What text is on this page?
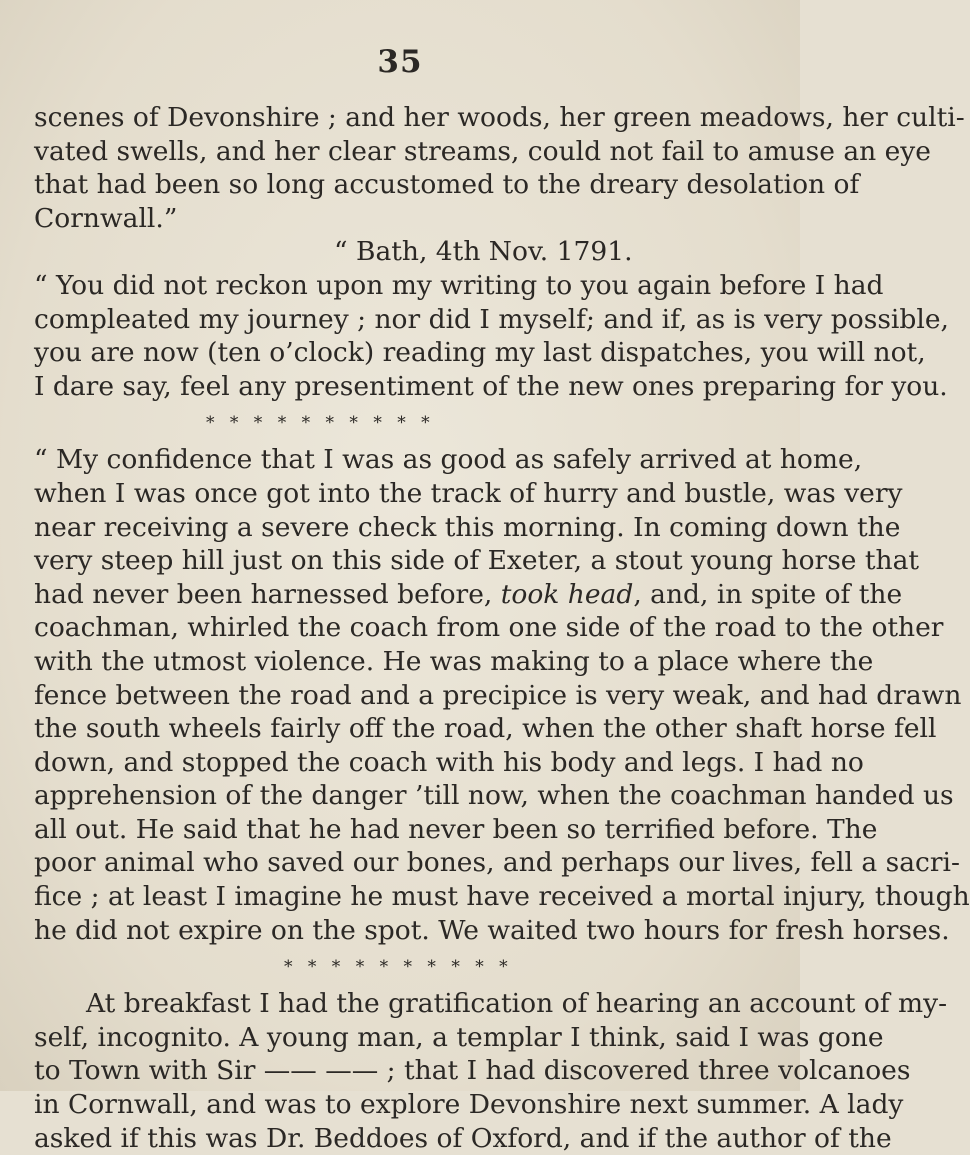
35
scenes of Devonshire ; and her woods, her green meadows, her culti-
vated swells, and her clear streams, could not fail to amuse an eye
that had been so long accustomed to the dreary desolation of
Cornwall.”
“ Bath, 4th Nov. 1791.
“ You did not reckon upon my writing to you again before I had
compleated my journey ; nor did I myself; and if, as is very possible,
you are now (ten o’clock) reading my last dispatches, you will not,
I dare say, feel any presentiment of the new ones preparing for you.
* * * * * * * * * *
“ My confidence that I was as good as safely arrived at home,
when I was once got into the track of hurry and bustle, was very
near receiving a severe check this morning. In coming down the
very steep hill just on this side of Exeter, a stout young horse that
had never been harnessed before, took head, and, in spite of the
coachman, whirled the coach from one side of the road to the other
with the utmost violence. He was making to a place where the
fence between the road and a precipice is very weak, and had drawn
the south wheels fairly off the road, when the other shaft horse fell
down, and stopped the coach with his body and legs. I had no
apprehension of the danger ’till now, when the coachman handed us
all out. He said that he had never been so terrified before. The
poor animal who saved our bones, and perhaps our lives, fell a sacri-
fice ; at least I imagine he must have received a mortal injury, though
he did not expire on the spot. We waited two hours for fresh horses.
* * * * * * * * * *
At breakfast I had the gratification of hearing an account of my-
self, incognito. A young man, a templar I think, said I was gone
to Town with Sir —— —— ; that I had discovered three volcanoes
in Cornwall, and was to explore Devonshire next summer. A lady
asked if this was Dr. Beddoes of Oxford, and if the author of the
